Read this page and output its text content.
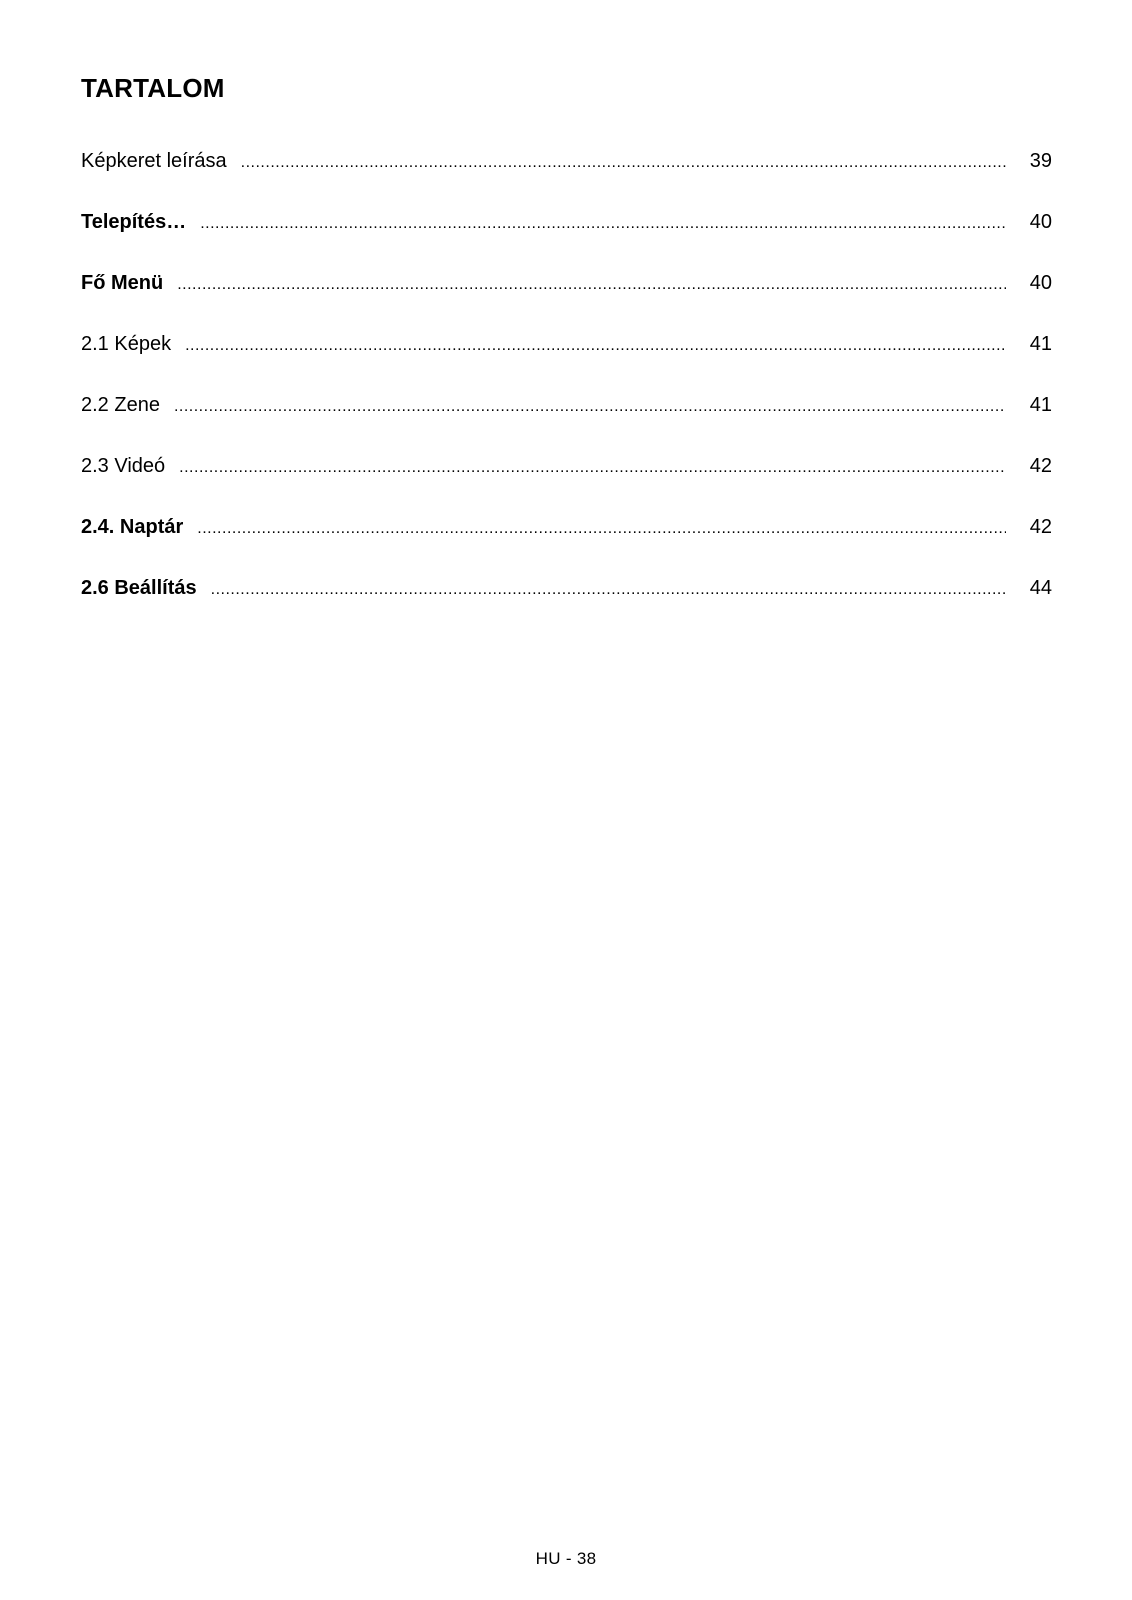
TARTALOM
Képkeret leírása .....	39
Telepítés… .....	40
Fő Menü .....	40
2.1 Képek .....	41
2.2 Zene .....	41
2.3 Videó .....	42
2.4. Naptár .....	42
2.6 Beállítás .....	44
HU - 38
